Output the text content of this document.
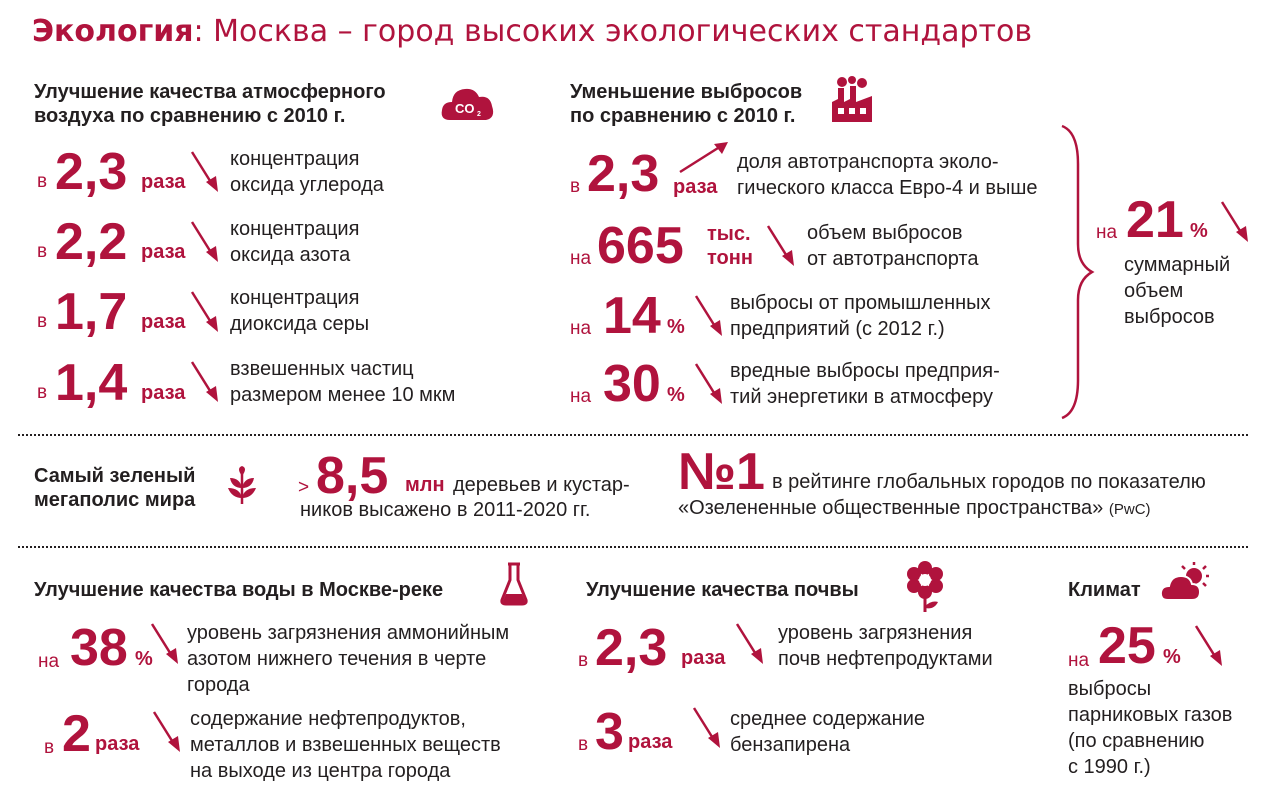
Экология: Москва – город высоких экологических стандартов
Улучшение качества атмосферного
воздуха по сравнению с 2010 г.	CO 2
в 2,3 раза
концентрация
оксида углерода
в 2,2 раза
концентрация
оксида азота
в 1,7 раза
концентрация
диоксида серы
в 1,4 раза
взвешенных частиц
размером менее 10 мкм
Уменьшение выбросов
по сравнению с 2010 г.
в 2,3 раза
доля автотранспорта эколо-
гического класса Евро-4 и выше
на 665 тыс.
тонн
объем выбросов
от автотранспорта
на 14 %
выбросы от промышленных
предприятий (с 2012 г.)
на 30 %
вредные выбросы предприя-
тий энергетики в атмосферу
на 21 %
суммарный
объем
выбросов
Самый зеленый
мегаполис мира
> 8,5 млн деревьев и кустар-
ников высажено в 2011-2020 гг.
№1 в рейтинге глобальных городов по показателю
«Озелененные общественные пространства» (PwC)
Улучшение качества воды в Москве-реке
на 38 %
уровень загрязнения аммонийным
азотом нижнего течения в черте
города
в 2 раза
содержание нефтепродуктов,
металлов и взвешенных веществ
на выходе из центра города
Улучшение качества почвы
в 2,3 раза
уровень загрязнения
почв нефтепродуктами
в 3 раза
среднее содержание
бензапирена
Климат
на 25 %
выбросы
парниковых газов
(по сравнению
с 1990 г.)
